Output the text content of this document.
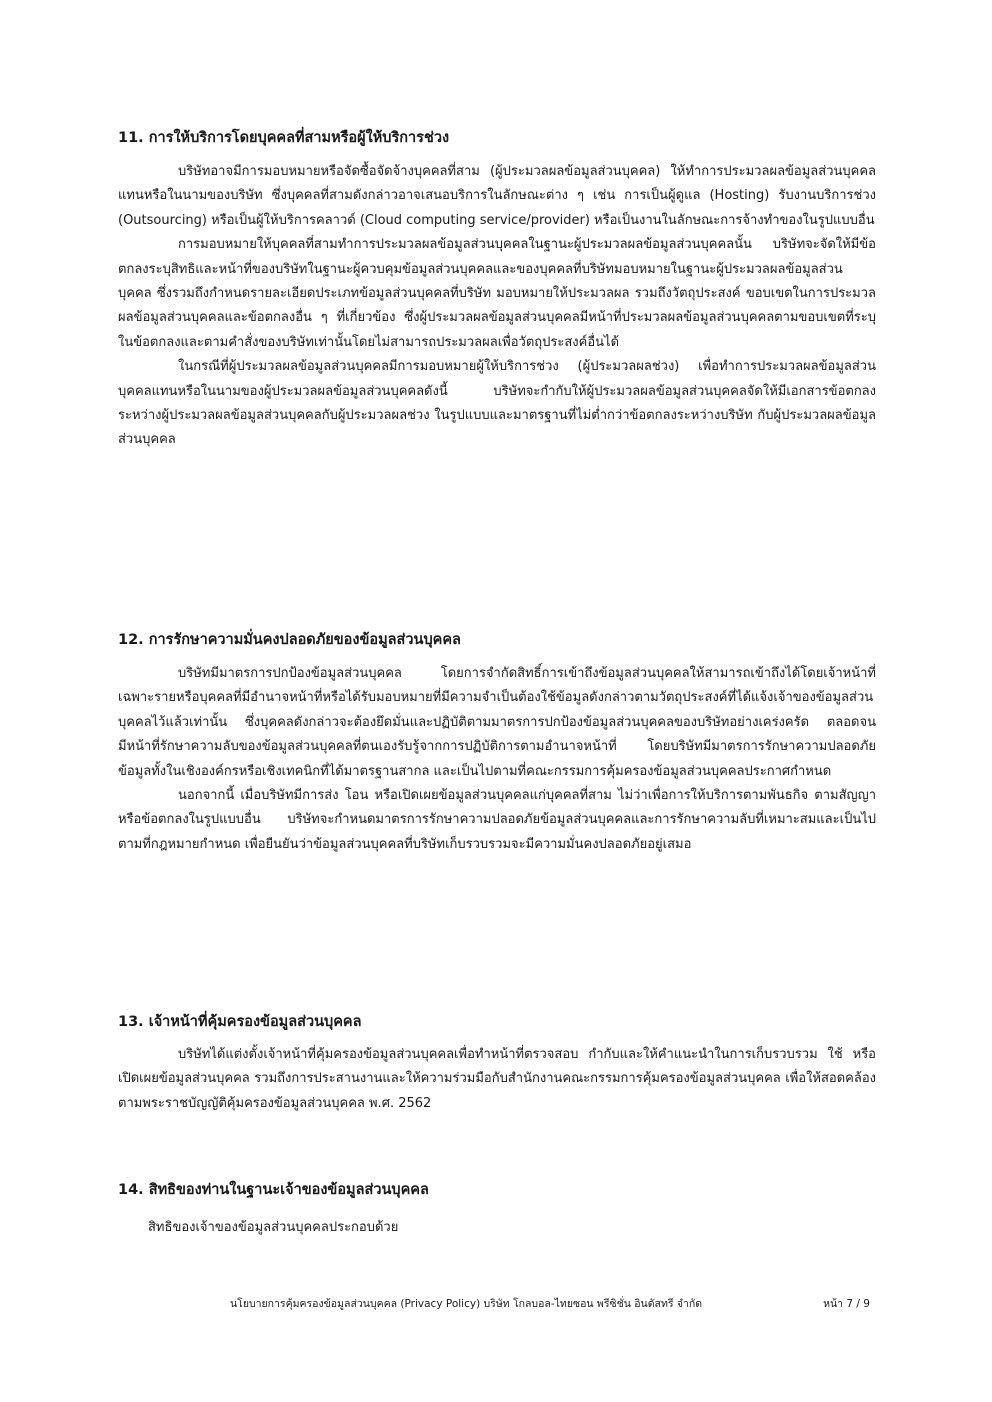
11. การให้บริการโดยบุคคลที่สามหรือผู้ให้บริการช่วง

บริษัทอาจมีการมอบหมายหรือจัดซื้อจัดจ้างบุคคลที่สาม (ผู้ประมวลผลข้อมูลส่วนบุคคล) ให้ทำการประมวลผลข้อมูลส่วนบุคคลแทนหรือในนามของบริษัท ซึ่งบุคคลที่สามดังกล่าวอาจเสนอบริการในลักษณะต่าง ๆ เช่น การเป็นผู้ดูแล (Hosting) รับงานบริการช่วง (Outsourcing) หรือเป็นผู้ให้บริการคลาวด์ (Cloud computing service/provider) หรือเป็นงานในลักษณะการจ้างทำของในรูปแบบอื่น

การมอบหมายให้บุคคลที่สามทำการประมวลผลข้อมูลส่วนบุคคลในฐานะผู้ประมวลผลข้อมูลส่วนบุคคลนั้น บริษัทจะจัดให้มีข้อตกลงระบุสิทธิและหน้าที่ของบริษัทในฐานะผู้ควบคุมข้อมูลส่วนบุคคลและของบุคคลที่บริษัทมอบหมายในฐานะผู้ประมวลผลข้อมูลส่วนบุคคล ซึ่งรวมถึงกำหนดรายละเอียดประเภทข้อมูลส่วนบุคคลที่บริษัท มอบหมายให้ประมวลผล รวมถึงวัตถุประสงค์ ขอบเขตในการประมวลผลข้อมูลส่วนบุคคลและข้อตกลงอื่น ๆ ที่เกี่ยวข้อง ซึ่งผู้ประมวลผลข้อมูลส่วนบุคคลมีหน้าที่ประมวลผลข้อมูลส่วนบุคคลตามขอบเขตที่ระบุในข้อตกลงและตามคำสั่งของบริษัทเท่านั้นโดยไม่สามารถประมวลผลเพื่อวัตถุประสงค์อื่นได้

ในกรณีที่ผู้ประมวลผลข้อมูลส่วนบุคคลมีการมอบหมายผู้ให้บริการช่วง (ผู้ประมวลผลช่วง) เพื่อทำการประมวลผลข้อมูลส่วนบุคคลแทนหรือในนามของผู้ประมวลผลข้อมูลส่วนบุคคลดังนี้ บริษัทจะกำกับให้ผู้ประมวลผลข้อมูลส่วนบุคคลจัดให้มีเอกสารข้อตกลงระหว่างผู้ประมวลผลข้อมูลส่วนบุคคลกับผู้ประมวลผลช่วง ในรูปแบบและมาตรฐานที่ไม่ต่ำกว่าข้อตกลงระหว่างบริษัท กับผู้ประมวลผลข้อมูลส่วนบุคคล

12. การรักษาความมั่นคงปลอดภัยของข้อมูลส่วนบุคคล

บริษัทมีมาตรการปกป้องข้อมูลส่วนบุคคล โดยการจำกัดสิทธิ์การเข้าถึงข้อมูลส่วนบุคคลให้สามารถเข้าถึงได้โดยเจ้าหน้าที่เฉพาะรายหรือบุคคลที่มีอำนาจหน้าที่หรือได้รับมอบหมายที่มีความจำเป็นต้องใช้ข้อมูลดังกล่าวตามวัตถุประสงค์ที่ได้แจ้งเจ้าของข้อมูลส่วนบุคคลไว้แล้วเท่านั้น ซึ่งบุคคลดังกล่าวจะต้องยึดมั่นและปฏิบัติตามมาตรการปกป้องข้อมูลส่วนบุคคลของบริษัทอย่างเคร่งครัด ตลอดจนมีหน้าที่รักษาความลับของข้อมูลส่วนบุคคลที่ตนเองรับรู้จากการปฏิบัติการตามอำนาจหน้าที่ โดยบริษัทมีมาตรการรักษาความปลอดภัยข้อมูลทั้งในเชิงองค์กรหรือเชิงเทคนิกที่ได้มาตรฐานสากล และเป็นไปตามที่คณะกรรมการคุ้มครองข้อมูลส่วนบุคคลประกาศกำหนด

นอกจากนี้ เมื่อบริษัทมีการส่ง โอน หรือเปิดเผยข้อมูลส่วนบุคคลแก่บุคคลที่สาม ไม่ว่าเพื่อการให้บริการตามพันธกิจ ตามสัญญา หรือข้อตกลงในรูปแบบอื่น บริษัทจะกำหนดมาตรการรักษาความปลอดภัยข้อมูลส่วนบุคคลและการรักษาความลับที่เหมาะสมและเป็นไปตามที่กฎหมายกำหนด เพื่อยืนยันว่าข้อมูลส่วนบุคคลที่บริษัทเก็บรวบรวมจะมีความมั่นคงปลอดภัยอยู่เสมอ

13. เจ้าหน้าที่คุ้มครองข้อมูลส่วนบุคคล

บริษัทได้แต่งตั้งเจ้าหน้าที่คุ้มครองข้อมูลส่วนบุคคลเพื่อทำหน้าที่ตรวจสอบ กำกับและให้คำแนะนำในการเก็บรวบรวม ใช้ หรือเปิดเผยข้อมูลส่วนบุคคล รวมถึงการประสานงานและให้ความร่วมมือกับสำนักงานคณะกรรมการคุ้มครองข้อมูลส่วนบุคคล เพื่อให้สอดคล้องตามพระราชบัญญัติคุ้มครองข้อมูลส่วนบุคคล พ.ศ. 2562

14. สิทธิของท่านในฐานะเจ้าของข้อมูลส่วนบุคคล

สิทธิของเจ้าของข้อมูลส่วนบุคคลประกอบด้วย

นโยบายการคุ้มครองข้อมูลส่วนบุคคล (Privacy Policy) บริษัท โกลบอล-ไทยซอน พรีซิชั่น อินดัสทรี จำกัด	หน้า 7 / 9
